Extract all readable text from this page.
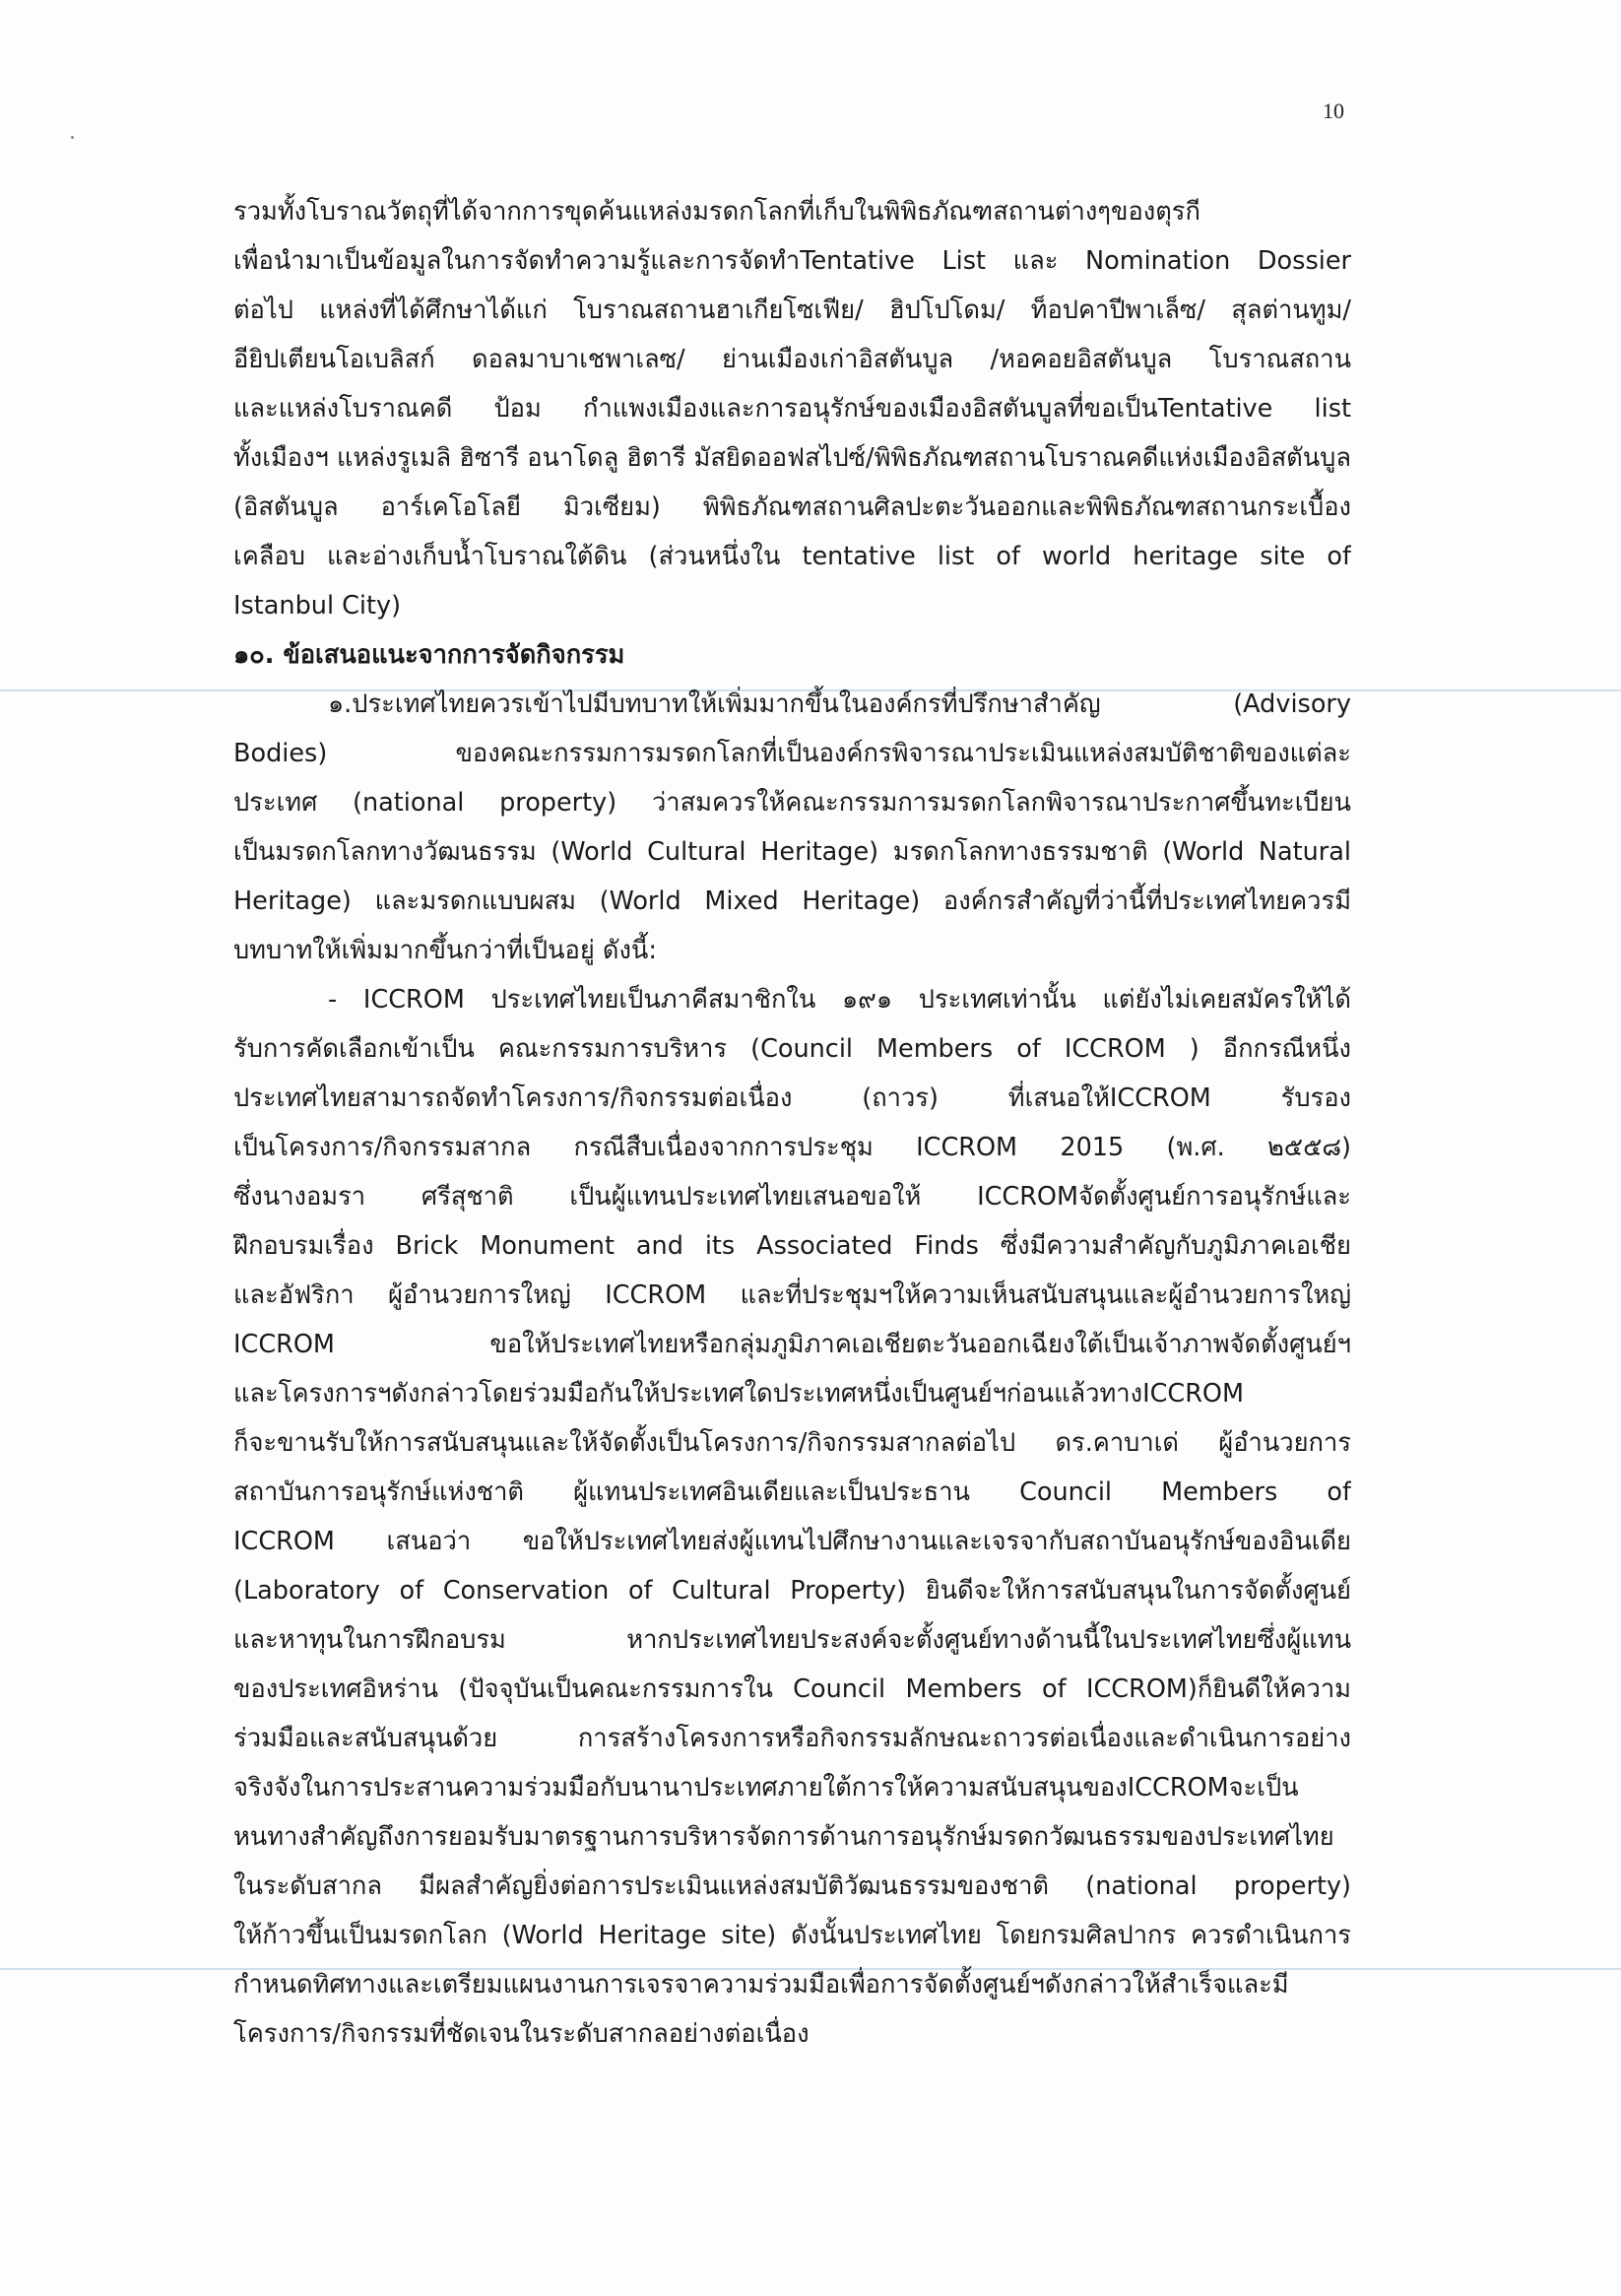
10
รวมทั้งโบราณวัตถุที่ได้จากการขุดค้นแหล่งมรดกโลกที่เก็บในพิพิธภัณฑสถานต่างๆของตุรกี
เพื่อนำมาเป็นข้อมูลในการจัดทำความรู้และการจัดทำTentative List และ Nomination Dossier
ต่อไป แหล่งที่ได้ศึกษาได้แก่ โบราณสถานฮาเกียโซเฟีย/ ฮิปโปโดม/ ท็อปคาปีพาเล็ซ/ สุลต่านทูม/
อียิปเตียนโอเบลิสก์ ดอลมาบาเชพาเลซ/ ย่านเมืองเก่าอิสตันบูล /หอคอยอิสตันบูล โบราณสถาน
และแหล่งโบราณคดี ป้อม กำแพงเมืองและการอนุรักษ์ของเมืองอิสตันบูลที่ขอเป็นTentative list
ทั้งเมืองฯ แหล่งรูเมลิ ฮิซารี อนาโดลู ฮิตารี มัสยิดออฟสไปซ์/พิพิธภัณฑสถานโบราณคดีแห่งเมืองอิสตันบูล
(อิสตันบูล อาร์เคโอโลยี มิวเซียม) พิพิธภัณฑสถานศิลปะตะวันออกและพิพิธภัณฑสถานกระเบื้อง
เคลือบ และอ่างเก็บน้ำโบราณใต้ดิน (ส่วนหนึ่งใน tentative list of world heritage site of
Istanbul City)
๑๐. ข้อเสนอแนะจากการจัดกิจกรรม
๑.ประเทศไทยควรเข้าไปมีบทบาทให้เพิ่มมากขึ้นในองค์กรที่ปรึกษาสำคัญ (Advisory
Bodies) ของคณะกรรมการมรดกโลกที่เป็นองค์กรพิจารณาประเมินแหล่งสมบัติชาติของแต่ละ
ประเทศ (national property) ว่าสมควรให้คณะกรรมการมรดกโลกพิจารณาประกาศขึ้นทะเบียน
เป็นมรดกโลกทางวัฒนธรรม (World Cultural Heritage) มรดกโลกทางธรรมชาติ (World Natural
Heritage) และมรดกแบบผสม (World Mixed Heritage) องค์กรสำคัญที่ว่านี้ที่ประเทศไทยควรมี
บทบาทให้เพิ่มมากขึ้นกว่าที่เป็นอยู่ ดังนี้:
- ICCROM ประเทศไทยเป็นภาคีสมาชิกใน ๑๙๑ ประเทศเท่านั้น แต่ยังไม่เคยสมัครให้ได้
รับการคัดเลือกเข้าเป็น คณะกรรมการบริหาร (Council Members of ICCROM ) อีกกรณีหนึ่ง
ประเทศไทยสามารถจัดทำโครงการ/กิจกรรมต่อเนื่อง (ถาวร) ที่เสนอให้ICCROM รับรอง
เป็นโครงการ/กิจกรรมสากล กรณีสืบเนื่องจากการประชุม ICCROM 2015 (พ.ศ. ๒๕๕๘)
ซึ่งนางอมรา ศรีสุชาติ เป็นผู้แทนประเทศไทยเสนอขอให้ ICCROMจัดตั้งศูนย์การอนุรักษ์และ
ฝึกอบรมเรื่อง Brick Monument and its Associated Finds ซึ่งมีความสำคัญกับภูมิภาคเอเชีย
และอัฟริกา ผู้อำนวยการใหญ่ ICCROM และที่ประชุมฯให้ความเห็นสนับสนุนและผู้อำนวยการใหญ่
ICCROM ขอให้ประเทศไทยหรือกลุ่มภูมิภาคเอเชียตะวันออกเฉียงใต้เป็นเจ้าภาพจัดตั้งศูนย์ฯ
และโครงการฯดังกล่าวโดยร่วมมือกันให้ประเทศใดประเทศหนึ่งเป็นศูนย์ฯก่อนแล้วทางICCROM
ก็จะขานรับให้การสนับสนุนและให้จัดตั้งเป็นโครงการ/กิจกรรมสากลต่อไป ดร.คาบาเด่ ผู้อำนวยการ
สถาบันการอนุรักษ์แห่งชาติ ผู้แทนประเทศอินเดียและเป็นประธาน Council Members of
ICCROM เสนอว่า ขอให้ประเทศไทยส่งผู้แทนไปศึกษางานและเจรจากับสถาบันอนุรักษ์ของอินเดีย
(Laboratory of Conservation of Cultural Property) ยินดีจะให้การสนับสนุนในการจัดตั้งศูนย์
และหาทุนในการฝึกอบรม หากประเทศไทยประสงค์จะตั้งศูนย์ทางด้านนี้ในประเทศไทยซึ่งผู้แทน
ของประเทศอิหร่าน (ปัจจุบันเป็นคณะกรรมการใน Council Members of ICCROM)ก็ยินดีให้ความ
ร่วมมือและสนับสนุนด้วย การสร้างโครงการหรือกิจกรรมลักษณะถาวรต่อเนื่องและดำเนินการอย่าง
จริงจังในการประสานความร่วมมือกับนานาประเทศภายใต้การให้ความสนับสนุนของICCROMจะเป็น
หนทางสำคัญถึงการยอมรับมาตรฐานการบริหารจัดการด้านการอนุรักษ์มรดกวัฒนธรรมของประเทศไทย
ในระดับสากล มีผลสำคัญยิ่งต่อการประเมินแหล่งสมบัติวัฒนธรรมของชาติ (national property)
ให้ก้าวขึ้นเป็นมรดกโลก (World Heritage site) ดังนั้นประเทศไทย โดยกรมศิลปากร ควรดำเนินการ
กำหนดทิศทางและเตรียมแผนงานการเจรจาความร่วมมือเพื่อการจัดตั้งศูนย์ฯดังกล่าวให้สำเร็จและมี
โครงการ/กิจกรรมที่ชัดเจนในระดับสากลอย่างต่อเนื่อง
